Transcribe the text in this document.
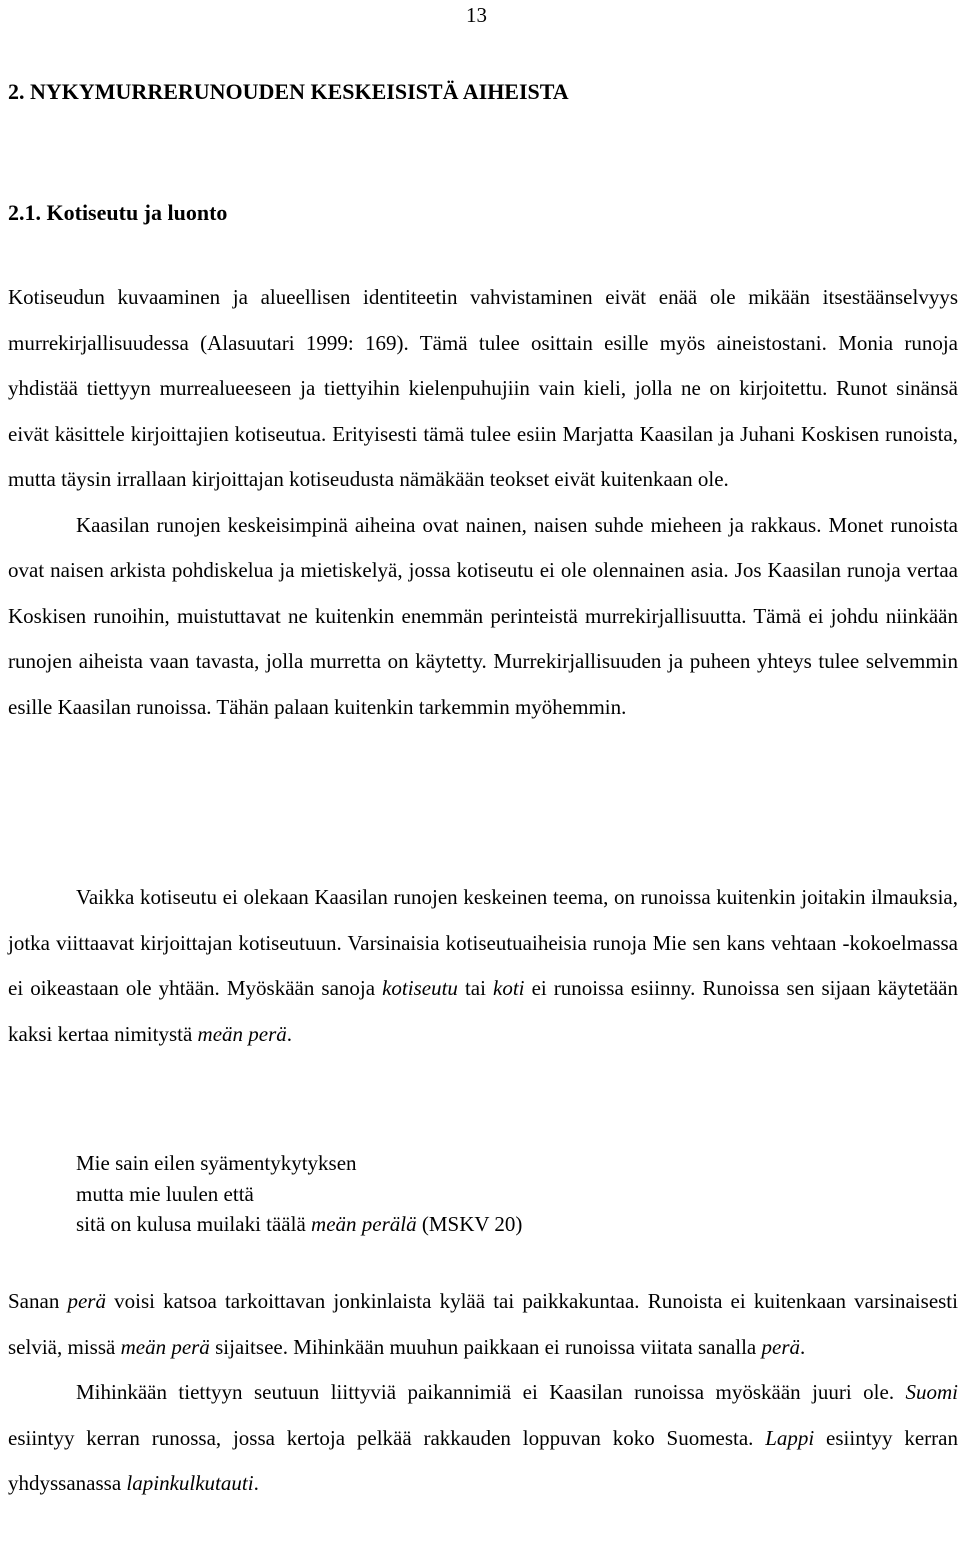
13
2. NYKYMURRERUNOUDEN KESKEISISTÄ AIHEISTA
2.1. Kotiseutu ja luonto

Kotiseudun kuvaaminen ja alueellisen identiteetin vahvistaminen eivät enää ole mikään itsestäänselvyys murrekirjallisuudessa (Alasuutari 1999: 169). Tämä tulee osittain esille myös aineistostani. Monia runoja yhdistää tiettyyn murrealueeseen ja tiettyihin kielenpuhujiin vain kieli, jolla ne on kirjoitettu. Runot sinänsä eivät käsittele kirjoittajien kotiseutua. Erityisesti tämä tulee esiin Marjatta Kaasilan ja Juhani Koskisen runoista, mutta täysin irrallaan kirjoittajan kotiseudusta nämäkään teokset eivät kuitenkaan ole.

Kaasilan runojen keskeisimpinä aiheina ovat nainen, naisen suhde mieheen ja rakkaus. Monet runoista ovat naisen arkista pohdiskelua ja mietiskelyä, jossa kotiseutu ei ole olennainen asia. Jos Kaasilan runoja vertaa Koskisen runoihin, muistuttavat ne kuitenkin enemmän perinteistä murrekirjallisuutta. Tämä ei johdu niinkään runojen aiheista vaan tavasta, jolla murretta on käytetty. Murrekirjallisuuden ja puheen yhteys tulee selvemmin esille Kaasilan runoissa. Tähän palaan kuitenkin tarkemmin myöhemmin.

Vaikka kotiseutu ei olekaan Kaasilan runojen keskeinen teema, on runoissa kuitenkin joitakin ilmauksia, jotka viittaavat kirjoittajan kotiseutuun. Varsinaisia kotiseutuaiheisia runoja Mie sen kans vehtaan -kokoelmassa ei oikeastaan ole yhtään. Myöskään sanoja kotiseutu tai koti ei runoissa esiinny. Runoissa sen sijaan käytetään kaksi kertaa nimitystä meän perä.

Mie sain eilen syämentykytyksen
mutta mie luulen että
sitä on kulusa muilaki täälä meän perälä (MSKV 20)

Sanan perä voisi katsoa tarkoittavan jonkinlaista kylää tai paikkakuntaa. Runoista ei kuitenkaan varsinaisesti selviä, missä meän perä sijaitsee. Mihinkään muuhun paikkaan ei runoissa viitata sanalla perä.

Mihinkään tiettyyn seutuun liittyviä paikannimiä ei Kaasilan runoissa myöskään juuri ole. Suomi esiintyy kerran runossa, jossa kertoja pelkää rakkauden loppuvan koko Suomesta. Lappi esiintyy kerran yhdyssanassa lapinkulkutauti.
